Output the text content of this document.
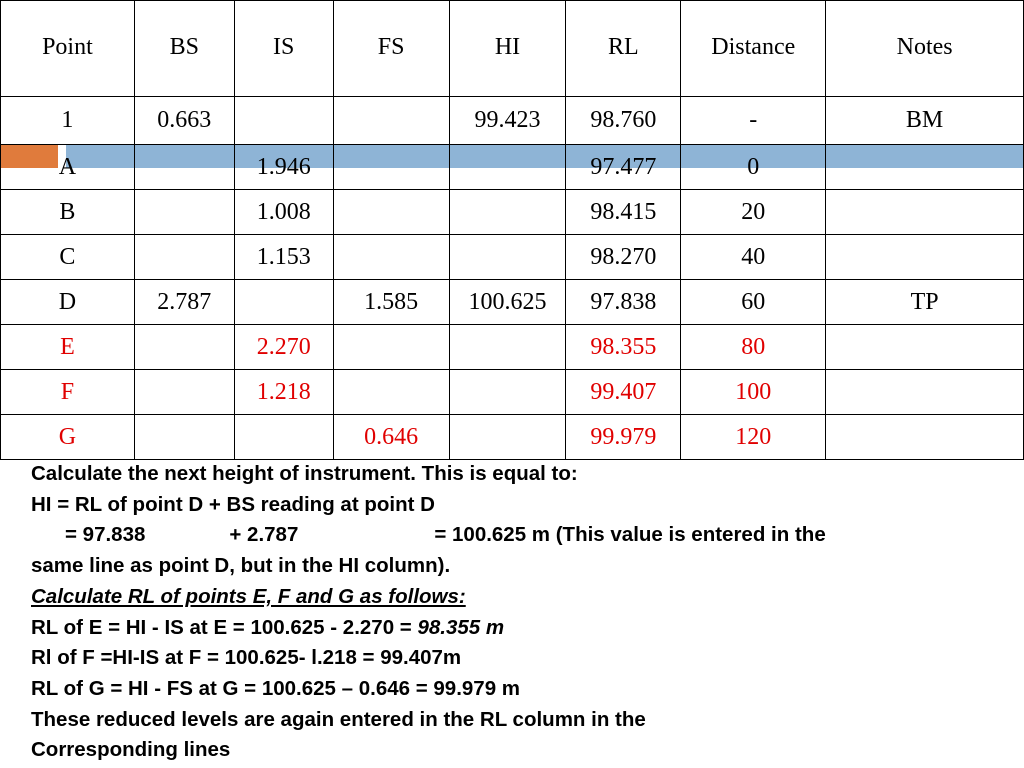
Point	BS	IS	FS	HI	RL	Distance	Notes
1	0.663			99.423	98.760	-	BM
A		1.946			97.477	0	
B		1.008			98.415	20	
C		1.153			98.270	40	
D	2.787		1.585	100.625	97.838	60	TP
E		2.270			98.355	80	
F		1.218			99.407	100	
G			0.646		99.979	120	

Calculate the next height of instrument. This is equal to:

HI = RL of point D + BS reading at point D

= 97.838	+ 2.787	= 100.625 m (This value is entered in the

same line as point D, but in the HI column).

Calculate RL of points E, F and G as follows:

RL of E = HI - IS at E = 100.625 - 2.270 = 98.355 m

Rl of F =HI-IS at F = 100.625- l.218 = 99.407m

RL of G = HI - FS at G = 100.625 – 0.646 = 99.979 m

These reduced levels are again entered in the RL column in the

Corresponding lines
